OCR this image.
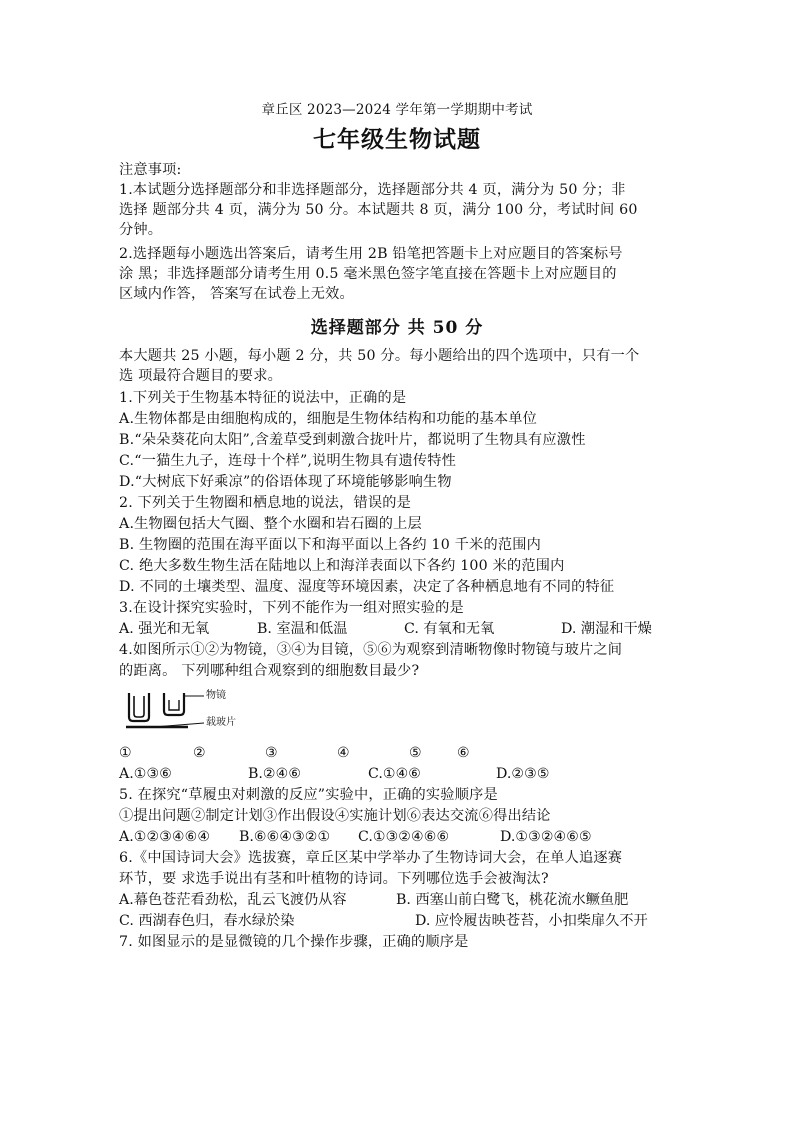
章丘区 2023—2024 学年第一学期期中考试
七年级生物试题
注意事项:
1.本试题分选择题部分和非选择题部分，选择题部分共 4 页，满分为 50 分；非
选择 题部分共 4 页，满分为 50 分。本试题共 8 页，满分 100 分，考试时间 60
分钟。
2.选择题每小题选出答案后，请考生用 2B 铅笔把答题卡上对应题目的答案标号
涂 黑；非选择题部分请考生用 0.5 毫米黑色签字笔直接在答题卡上对应题目的
区域内作答， 答案写在试卷上无效。
选择题部分 共 50 分
本大题共 25 小题，每小题 2 分，共 50 分。每小题给出的四个选项中，只有一个
选 项最符合题目的要求。
1.下列关于生物基本特征的说法中，正确的是
A.生物体都是由细胞构成的，细胞是生物体结构和功能的基本单位
B.“朵朵葵花向太阳”,含羞草受到刺激合拢叶片，都说明了生物具有应激性
C.“一猫生九子，连母十个样”,说明生物具有遗传特性
D.“大树底下好乘凉”的俗语体现了环境能够影响生物
2. 下列关于生物圈和栖息地的说法，错误的是
A.生物圈包括大气圈、整个水圈和岩石圈的上层
B. 生物圈的范围在海平面以下和海平面以上各约 10 千米的范围内
C. 绝大多数生物生活在陆地以上和海洋表面以下各约 100 米的范围内
D. 不同的土壤类型、温度、湿度等环境因素，决定了各种栖息地有不同的特征
3.在设计探究实验时，下列不能作为一组对照实验的是
A. 强光和无氧	B. 室温和低温	C. 有氧和无氧	D. 潮湿和干燥
4.如图所示①②为物镜，③④为目镜，⑤⑥为观察到清晰物像时物镜与玻片之间
的距离。 下列哪种组合观察到的细胞数目最少?
物镜
载玻片
①	②	③	④	⑤ ⑥
A.①③⑥	B.②④⑥	C.①④⑥	D.②③⑤
5. 在探究“草履虫对刺激的反应”实验中，正确的实验顺序是
①提出问题②制定计划③作出假设④实施计划⑥表达交流⑥得出结论
A.①②③④⑥④ B.⑥⑥④③②① C.①③②④⑥⑥	D.①③②④⑥⑤
6.《中国诗词大会》选拔赛，章丘区某中学举办了生物诗词大会，在单人追逐赛
环节，要 求选手说出有茎和叶植物的诗词。下列哪位选手会被淘汰?
A.幕色苍茫看劲松，乱云飞渡仍从容	B. 西塞山前白鹭飞，桃花流水鳜鱼肥
C. 西湖春色归，春水绿於染	D. 应怜履齿映苍苔，小扣柴扉久不开
7. 如图显示的是显微镜的几个操作步骤，正确的顺序是
